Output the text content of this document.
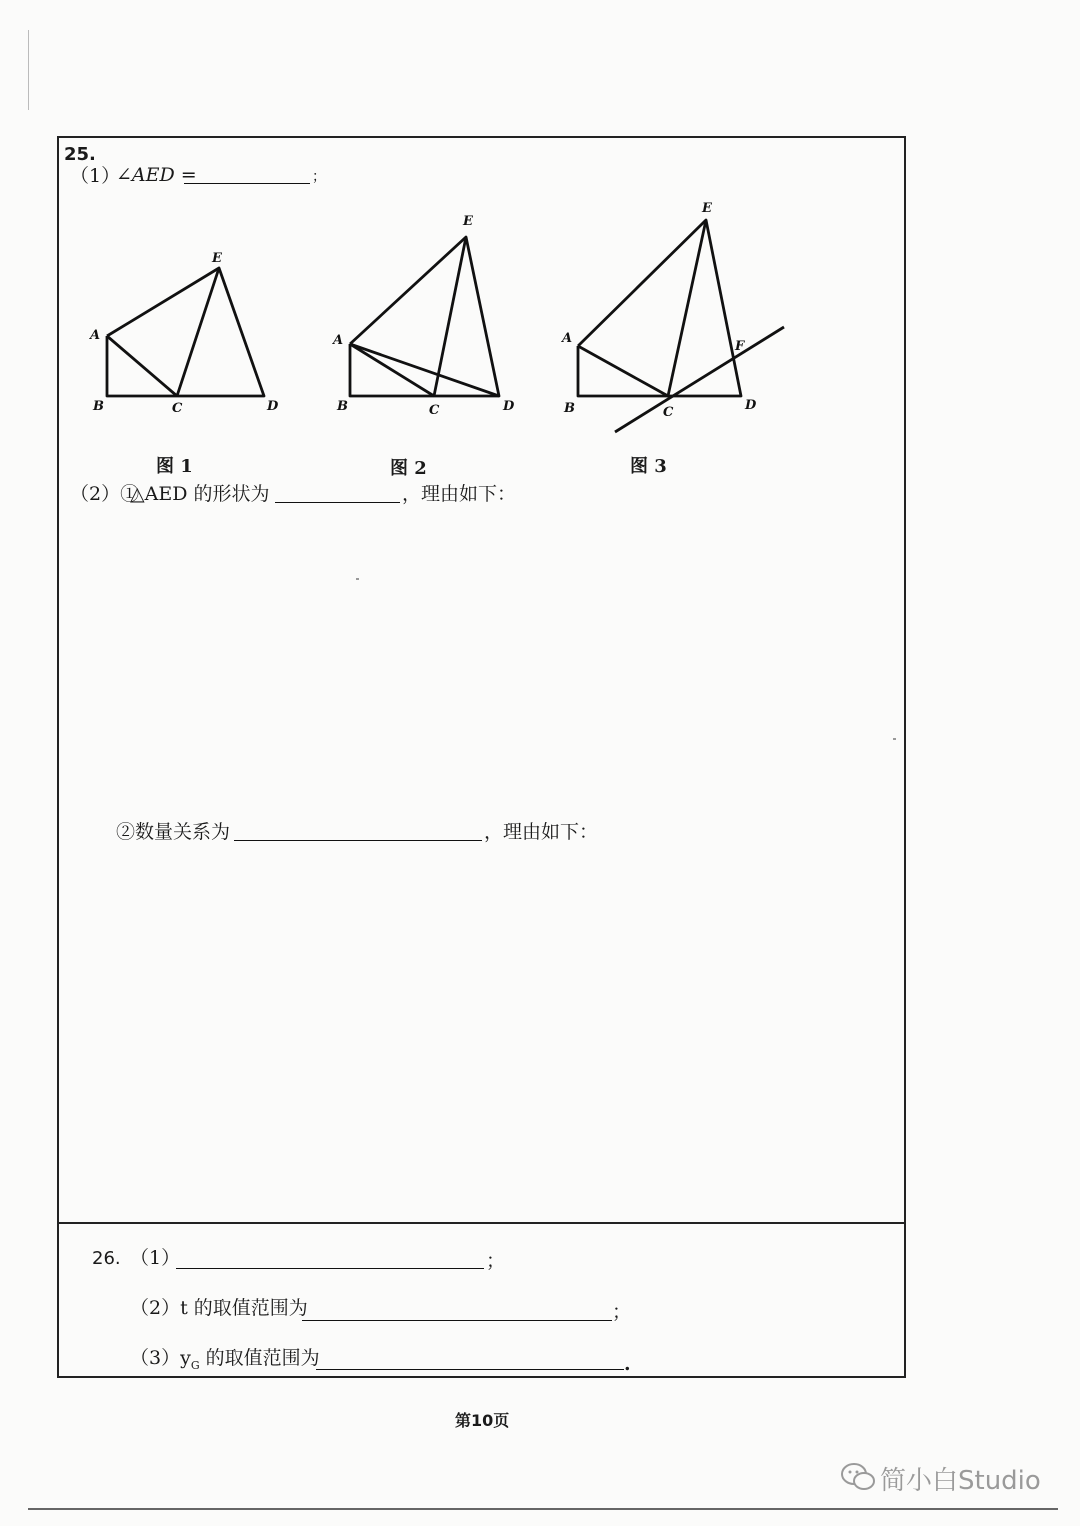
25.
（1）
∠AED =	；
A
B	C	D
E
A
B	C	D
E
A
B	C	D
E
F
图 1	图 2	图 3
（2）①
△AED 的形状为	，理由如下：
②数量关系为	，理由如下：
26. （1）	；
（2）t 的取值范围为	；
$(3)y_G$ 的取值范围为	.
第10页
简小白Studio
